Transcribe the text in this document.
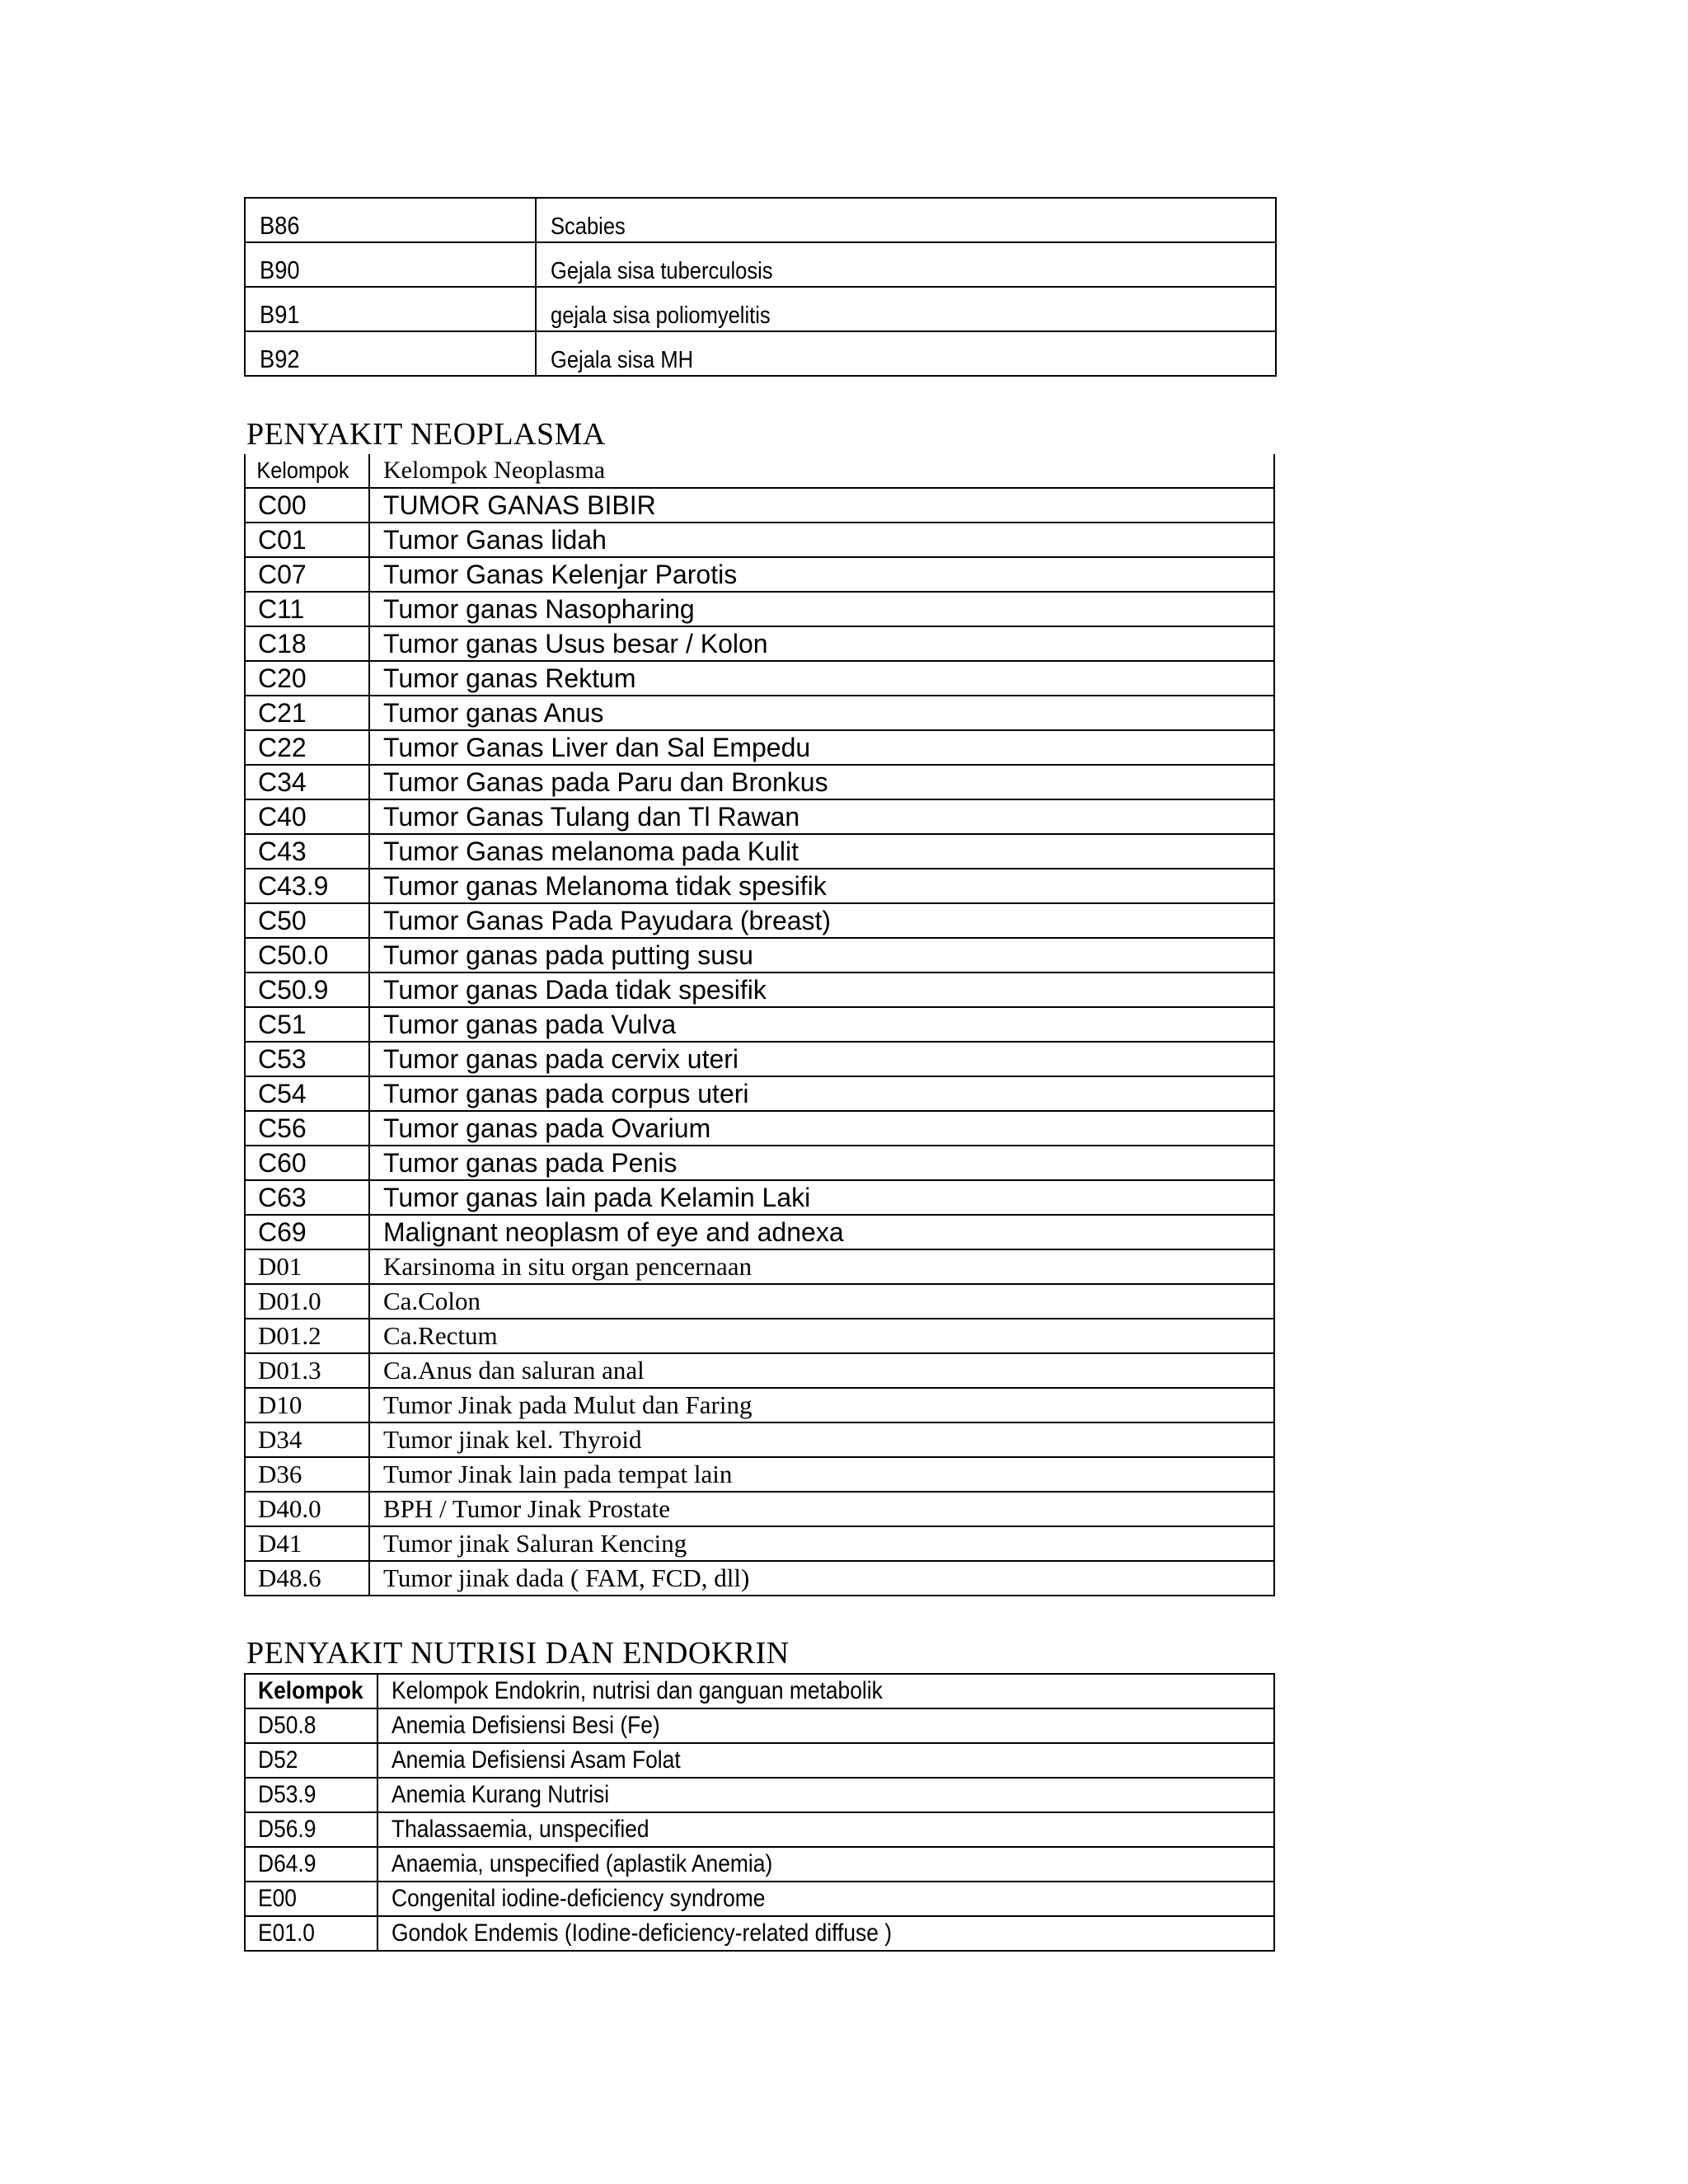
B86	Scabies
B90	Gejala sisa tuberculosis
B91	gejala sisa poliomyelitis
B92	Gejala sisa MH
PENYAKIT NEOPLASMA
Kelompok	Kelompok Neoplasma
C00	TUMOR GANAS BIBIR
C01	Tumor Ganas lidah
C07	Tumor Ganas Kelenjar Parotis
C11	Tumor ganas Nasopharing
C18	Tumor ganas Usus besar / Kolon
C20	Tumor ganas Rektum
C21	Tumor ganas Anus
C22	Tumor Ganas Liver dan Sal Empedu
C34	Tumor Ganas pada Paru dan Bronkus
C40	Tumor Ganas Tulang dan Tl Rawan
C43	Tumor Ganas melanoma pada Kulit
C43.9	Tumor ganas Melanoma tidak spesifik
C50	Tumor Ganas Pada Payudara (breast)
C50.0	Tumor ganas pada putting susu
C50.9	Tumor ganas Dada tidak spesifik
C51	Tumor ganas pada Vulva
C53	Tumor ganas pada cervix uteri
C54	Tumor ganas pada corpus uteri
C56	Tumor ganas pada Ovarium
C60	Tumor ganas pada Penis
C63	Tumor ganas lain pada Kelamin Laki
C69	Malignant neoplasm of eye and adnexa
D01	Karsinoma in situ organ pencernaan
D01.0	Ca.Colon
D01.2	Ca.Rectum
D01.3	Ca.Anus dan saluran anal
D10	Tumor Jinak pada Mulut dan Faring
D34	Tumor jinak kel. Thyroid
D36	Tumor Jinak lain pada tempat lain
D40.0	BPH / Tumor Jinak Prostate
D41	Tumor jinak Saluran Kencing
D48.6	Tumor jinak dada ( FAM, FCD, dll)
PENYAKIT NUTRISI DAN ENDOKRIN
Kelompok	Kelompok Endokrin, nutrisi dan ganguan metabolik
D50.8	Anemia Defisiensi Besi (Fe)
D52	Anemia Defisiensi Asam Folat
D53.9	Anemia Kurang Nutrisi
D56.9	Thalassaemia, unspecified
D64.9	Anaemia, unspecified (aplastik Anemia)
E00	Congenital iodine-deficiency syndrome
E01.0	Gondok Endemis (Iodine-deficiency-related diffuse )
